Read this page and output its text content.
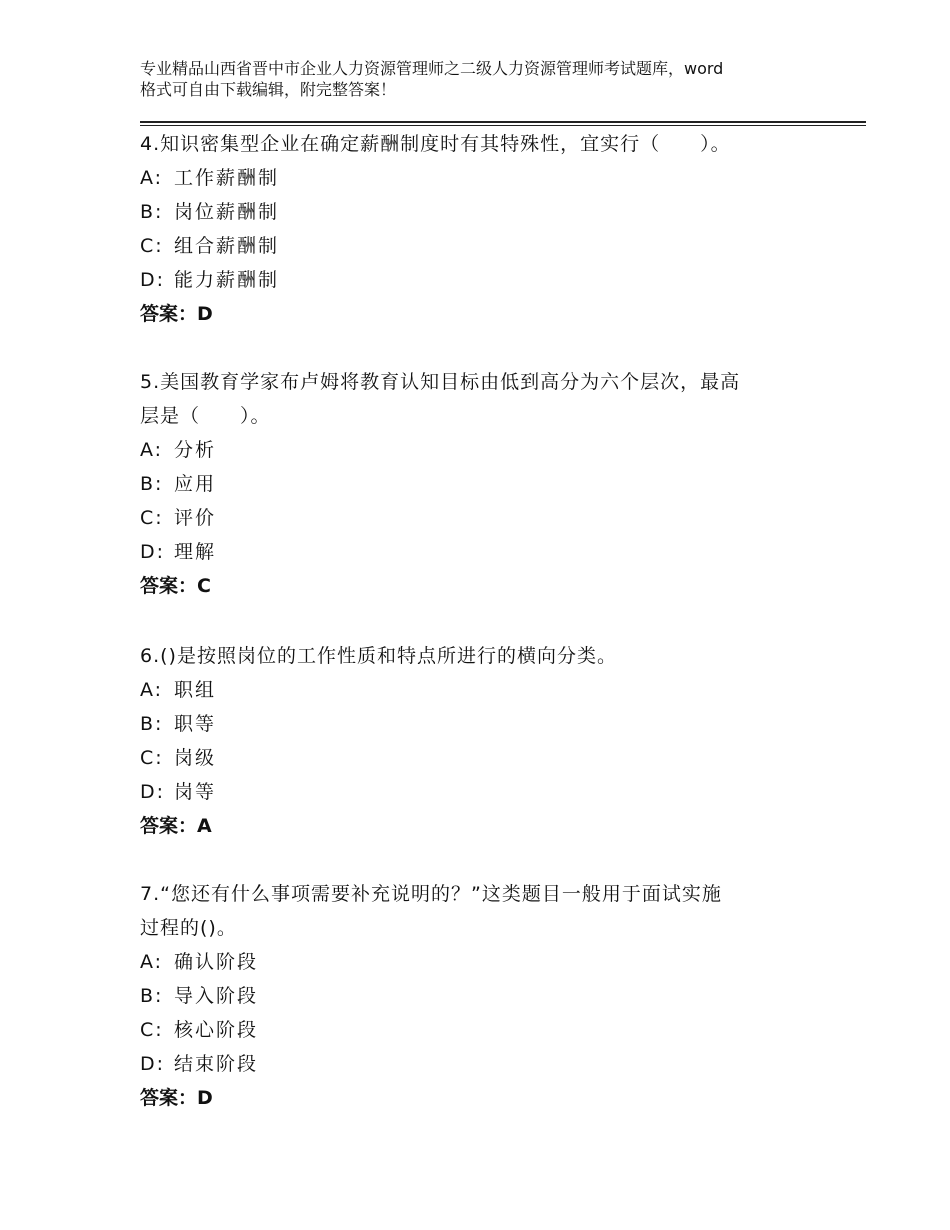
专业精品山西省晋中市企业人力资源管理师之二级人力资源管理师考试题库，word
格式可自由下载编辑，附完整答案！

4.知识密集型企业在确定薪酬制度时有其特殊性，宜实行（　　）。

A: 工作薪酬制

B: 岗位薪酬制

C: 组合薪酬制

D: 能力薪酬制

答案：D

5.美国教育学家布卢姆将教育认知目标由低到高分为六个层次，最高

层是（　　）。

A: 分析

B: 应用

C: 评价

D: 理解

答案：C

6.()是按照岗位的工作性质和特点所进行的横向分类。

A: 职组

B: 职等

C: 岗级

D: 岗等

答案：A

7.“您还有什么事项需要补充说明的？”这类题目一般用于面试实施

过程的()。

A: 确认阶段

B: 导入阶段

C: 核心阶段

D: 结束阶段

答案：D
